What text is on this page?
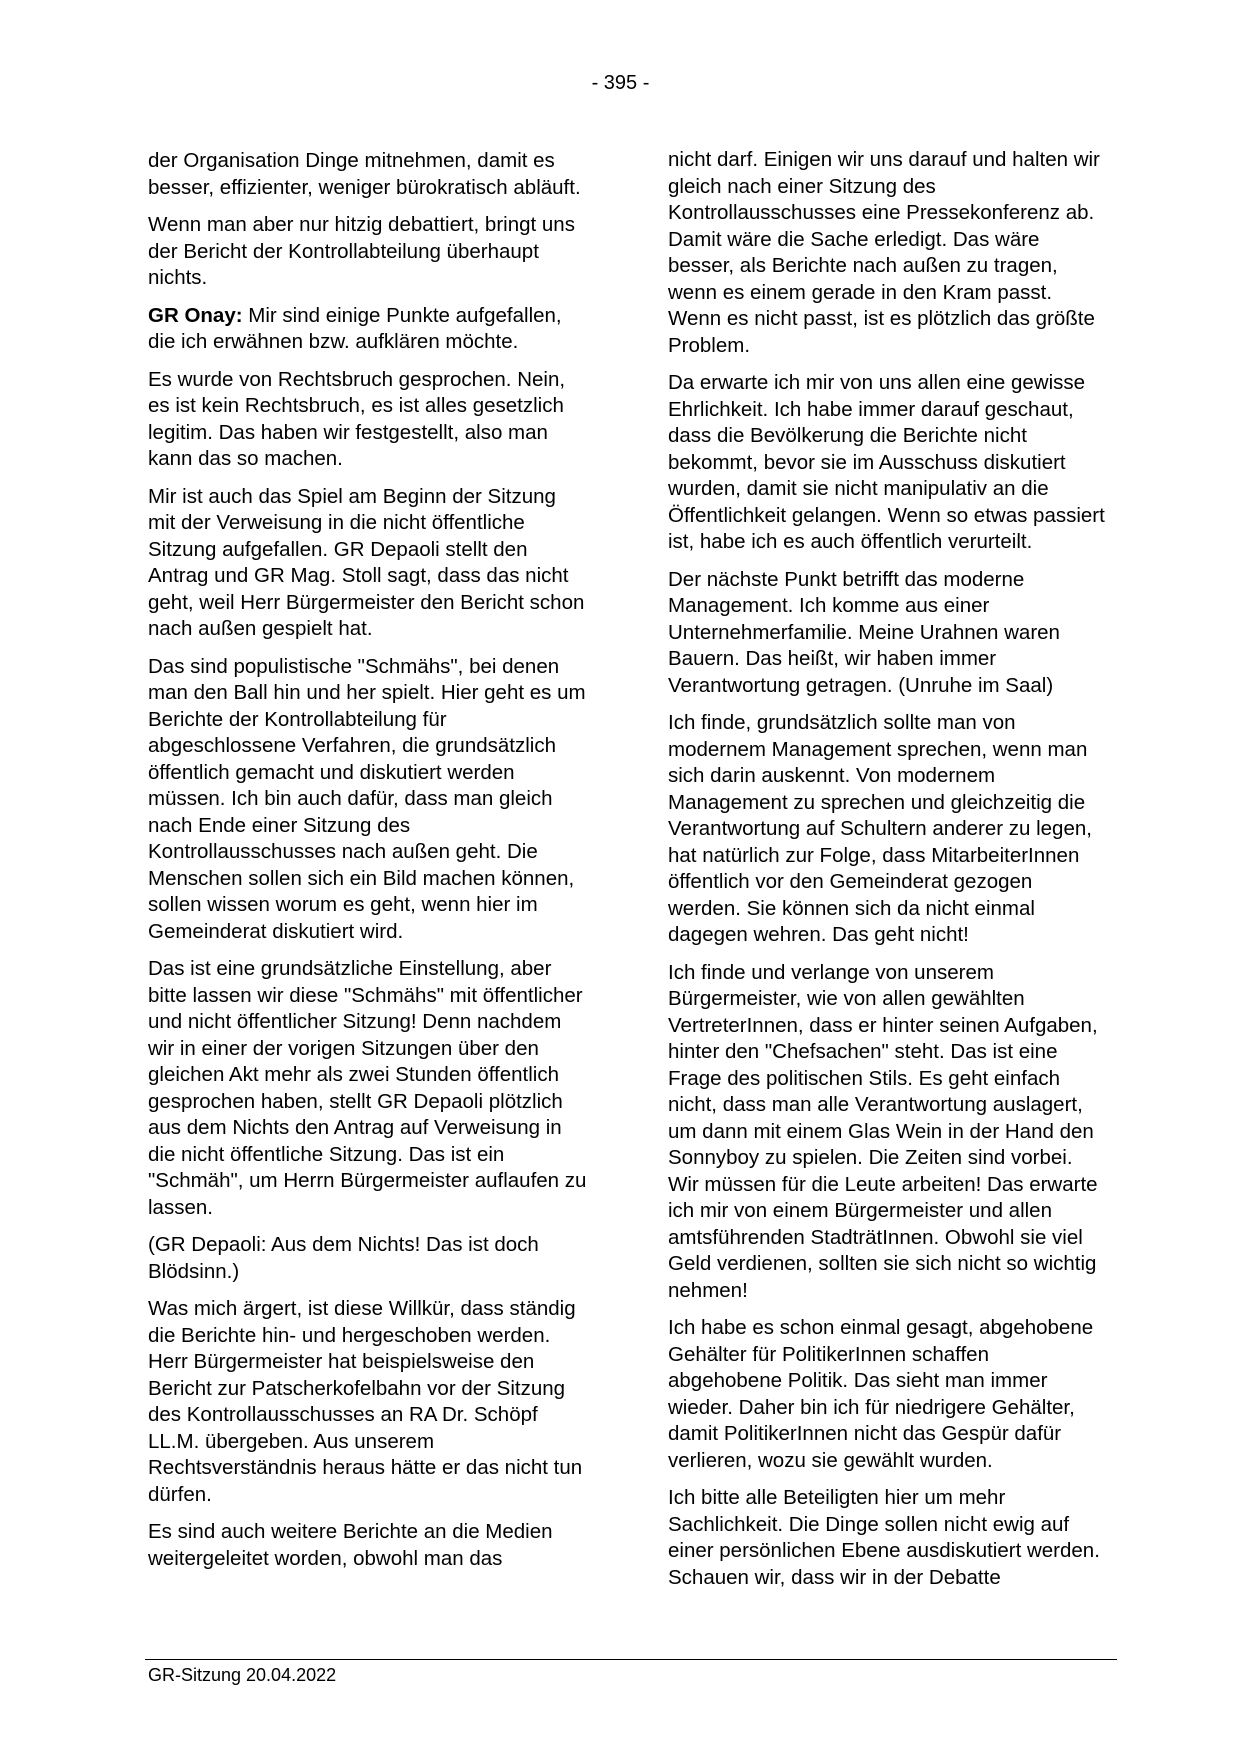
- 395 -

der Organisation Dinge mitnehmen, damit es besser, effizienter, weniger bürokratisch abläuft.

Wenn man aber nur hitzig debattiert, bringt uns der Bericht der Kontrollabteilung überhaupt nichts.

GR Onay: Mir sind einige Punkte aufgefallen, die ich erwähnen bzw. aufklären möchte.

Es wurde von Rechtsbruch gesprochen. Nein, es ist kein Rechtsbruch, es ist alles gesetzlich legitim. Das haben wir festgestellt, also man kann das so machen.

Mir ist auch das Spiel am Beginn der Sitzung mit der Verweisung in die nicht öffentliche Sitzung aufgefallen. GR Depaoli stellt den Antrag und GR Mag. Stoll sagt, dass das nicht geht, weil Herr Bürgermeister den Bericht schon nach außen gespielt hat.

Das sind populistische "Schmähs", bei denen man den Ball hin und her spielt. Hier geht es um Berichte der Kontrollabteilung für abgeschlossene Verfahren, die grundsätzlich öffentlich gemacht und diskutiert werden müssen. Ich bin auch dafür, dass man gleich nach Ende einer Sitzung des Kontrollausschusses nach außen geht. Die Menschen sollen sich ein Bild machen können, sollen wissen worum es geht, wenn hier im Gemeinderat diskutiert wird.

Das ist eine grundsätzliche Einstellung, aber bitte lassen wir diese "Schmähs" mit öffentlicher und nicht öffentlicher Sitzung! Denn nachdem wir in einer der vorigen Sitzungen über den gleichen Akt mehr als zwei Stunden öffentlich gesprochen haben, stellt GR Depaoli plötzlich aus dem Nichts den Antrag auf Verweisung in die nicht öffentliche Sitzung. Das ist ein "Schmäh", um Herrn Bürgermeister auflaufen zu lassen.

(GR Depaoli: Aus dem Nichts! Das ist doch Blödsinn.)

Was mich ärgert, ist diese Willkür, dass ständig die Berichte hin- und hergeschoben werden. Herr Bürgermeister hat beispielsweise den Bericht zur Patscherkofelbahn vor der Sitzung des Kontrollausschusses an RA Dr. Schöpf LL.M. übergeben. Aus unserem Rechtsverständnis heraus hätte er das nicht tun dürfen.

Es sind auch weitere Berichte an die Medien weitergeleitet worden, obwohl man das

nicht darf. Einigen wir uns darauf und halten wir gleich nach einer Sitzung des Kontrollausschusses eine Pressekonferenz ab. Damit wäre die Sache erledigt. Das wäre besser, als Berichte nach außen zu tragen, wenn es einem gerade in den Kram passt. Wenn es nicht passt, ist es plötzlich das größte Problem.

Da erwarte ich mir von uns allen eine gewisse Ehrlichkeit. Ich habe immer darauf geschaut, dass die Bevölkerung die Berichte nicht bekommt, bevor sie im Ausschuss diskutiert wurden, damit sie nicht manipulativ an die Öffentlichkeit gelangen. Wenn so etwas passiert ist, habe ich es auch öffentlich verurteilt.

Der nächste Punkt betrifft das moderne Management. Ich komme aus einer Unternehmerfamilie. Meine Urahnen waren Bauern. Das heißt, wir haben immer Verantwortung getragen. (Unruhe im Saal)

Ich finde, grundsätzlich sollte man von modernem Management sprechen, wenn man sich darin auskennt. Von modernem Management zu sprechen und gleichzeitig die Verantwortung auf Schultern anderer zu legen, hat natürlich zur Folge, dass MitarbeiterInnen öffentlich vor den Gemeinderat gezogen werden. Sie können sich da nicht einmal dagegen wehren. Das geht nicht!

Ich finde und verlange von unserem Bürgermeister, wie von allen gewählten VertreterInnen, dass er hinter seinen Aufgaben, hinter den "Chefsachen" steht. Das ist eine Frage des politischen Stils. Es geht einfach nicht, dass man alle Verantwortung auslagert, um dann mit einem Glas Wein in der Hand den Sonnyboy zu spielen. Die Zeiten sind vorbei. Wir müssen für die Leute arbeiten! Das erwarte ich mir von einem Bürgermeister und allen amtsführenden StadträtInnen. Obwohl sie viel Geld verdienen, sollten sie sich nicht so wichtig nehmen!

Ich habe es schon einmal gesagt, abgehobene Gehälter für PolitikerInnen schaffen abgehobene Politik. Das sieht man immer wieder. Daher bin ich für niedrigere Gehälter, damit PolitikerInnen nicht das Gespür dafür verlieren, wozu sie gewählt wurden.

Ich bitte alle Beteiligten hier um mehr Sachlichkeit. Die Dinge sollen nicht ewig auf einer persönlichen Ebene ausdiskutiert werden. Schauen wir, dass wir in der Debatte

GR-Sitzung 20.04.2022
